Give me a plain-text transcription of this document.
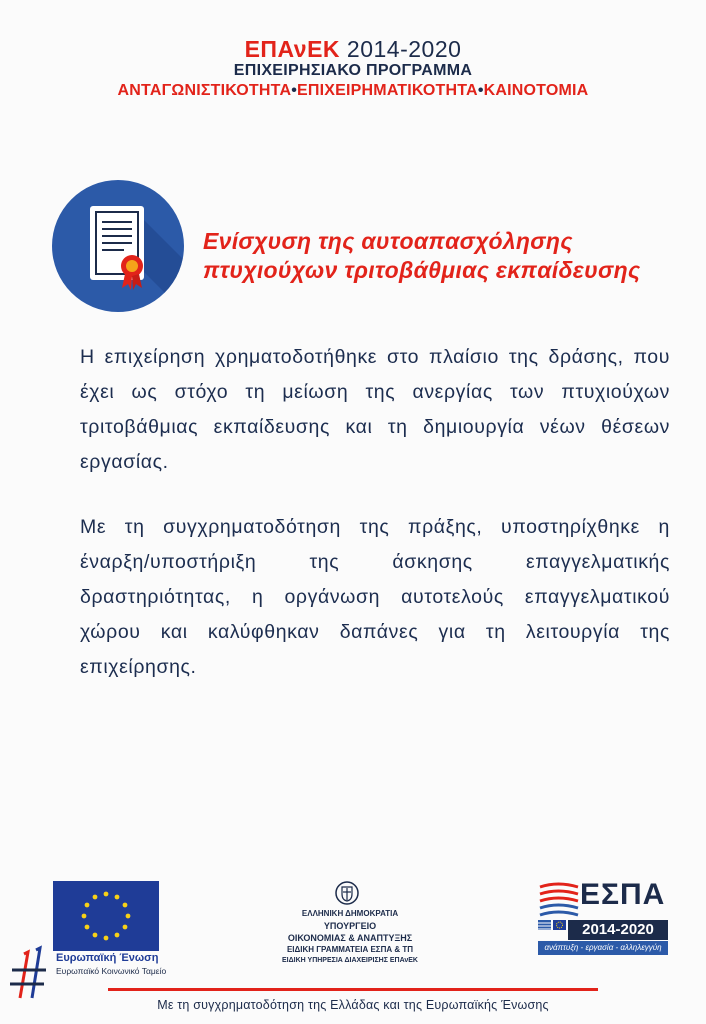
ΕΠΑνΕΚ 2014-2020
ΕΠΙΧΕΙΡΗΣΙΑΚΟ ΠΡΟΓΡΑΜΜΑ
ΑΝΤΑΓΩΝΙΣΤΙΚΟΤΗΤΑ•ΕΠΙΧΕΙΡΗΜΑΤΙΚΟΤΗΤΑ•ΚΑΙΝΟΤΟΜΙΑ
Ενίσχυση της αυτοαπασχόλησης
πτυχιούχων τριτοβάθμιας εκπαίδευσης
Η επιχείρηση χρηματοδοτήθηκε στο πλαίσιο της δράσης, που έχει ως στόχο τη μείωση της ανεργίας των πτυχιούχων τριτοβάθμιας εκπαίδευσης και τη δημιουργία νέων θέσεων εργασίας.
Με τη συγχρηματοδότηση της πράξης, υποστηρίχθηκε η έναρξη/υποστήριξη της άσκησης επαγγελματικής δραστηριότητας, η οργάνωση αυτοτελούς επαγγελματικού χώρου και καλύφθηκαν δαπάνες για τη λειτουργία της επιχείρησης.
Ευρωπαϊκή Ένωση
Ευρωπαϊκό Κοινωνικό Ταμείο
ΕΛΛΗΝΙΚΗ ΔΗΜΟΚΡΑΤΙΑ
ΥΠΟΥΡΓΕΙΟ
ΟΙΚΟΝΟΜΙΑΣ & ΑΝΑΠΤΥΞΗΣ
ΕΙΔΙΚΗ ΓΡΑΜΜΑΤΕΙΑ ΕΣΠΑ & ΤΠ
ΕΙΔΙΚΗ ΥΠΗΡΕΣΙΑ ΔΙΑΧΕΙΡΙΣΗΣ ΕΠΑνΕΚ
ΕΣΠΑ
2014-2020
ανάπτυξη - εργασία - αλληλεγγύη
Με τη συγχρηματοδότηση της Ελλάδας και της Ευρωπαϊκής Ένωσης
